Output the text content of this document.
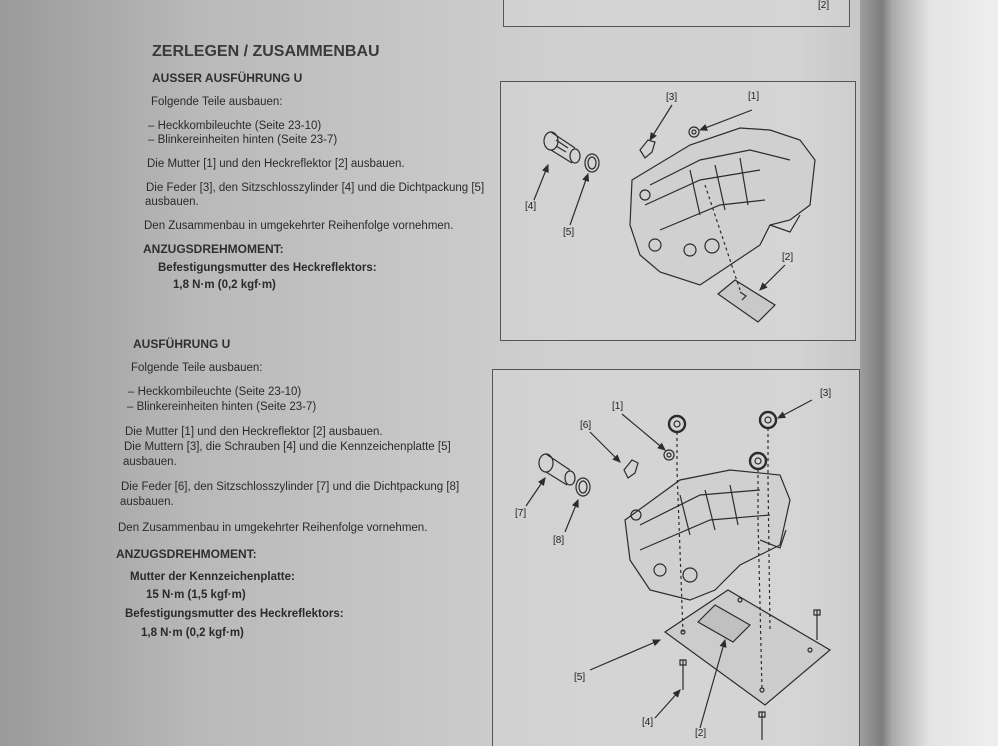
[2]
ZERLEGEN / ZUSAMMENBAU
AUSSER AUSFÜHRUNG U
Folgende Teile ausbauen:
– Heckkombileuchte (Seite 23-10)
– Blinkereinheiten hinten (Seite 23-7)
Die Mutter [1] und den Heckreflektor [2] ausbauen.
Die Feder [3], den Sitzschlosszylinder [4] und die Dichtpackung [5]
ausbauen.
Den Zusammenbau in umgekehrter Reihenfolge vornehmen.
ANZUGSDREHMOMENT:
Befestigungsmutter des Heckreflektors:
1,8 N·m (0,2 kgf·m)
AUSFÜHRUNG U
Folgende Teile ausbauen:
– Heckkombileuchte (Seite 23-10)
– Blinkereinheiten hinten (Seite 23-7)
Die Mutter [1] und den Heckreflektor [2] ausbauen.
Die Muttern [3], die Schrauben [4] und die Kennzeichenplatte [5]
ausbauen.
Die Feder [6], den Sitzschlosszylinder [7] und die Dichtpackung [8]
ausbauen.
Den Zusammenbau in umgekehrter Reihenfolge vornehmen.
ANZUGSDREHMOMENT:
Mutter der Kennzeichenplatte:
15 N·m (1,5 kgf·m)
Befestigungsmutter des Heckreflektors:
1,8 N·m (0,2 kgf·m)
[1]
[3]
[4]
[5]
[2]
[1]
[3]
[6]
[7]
[8]
[5]
[4]
[2]
